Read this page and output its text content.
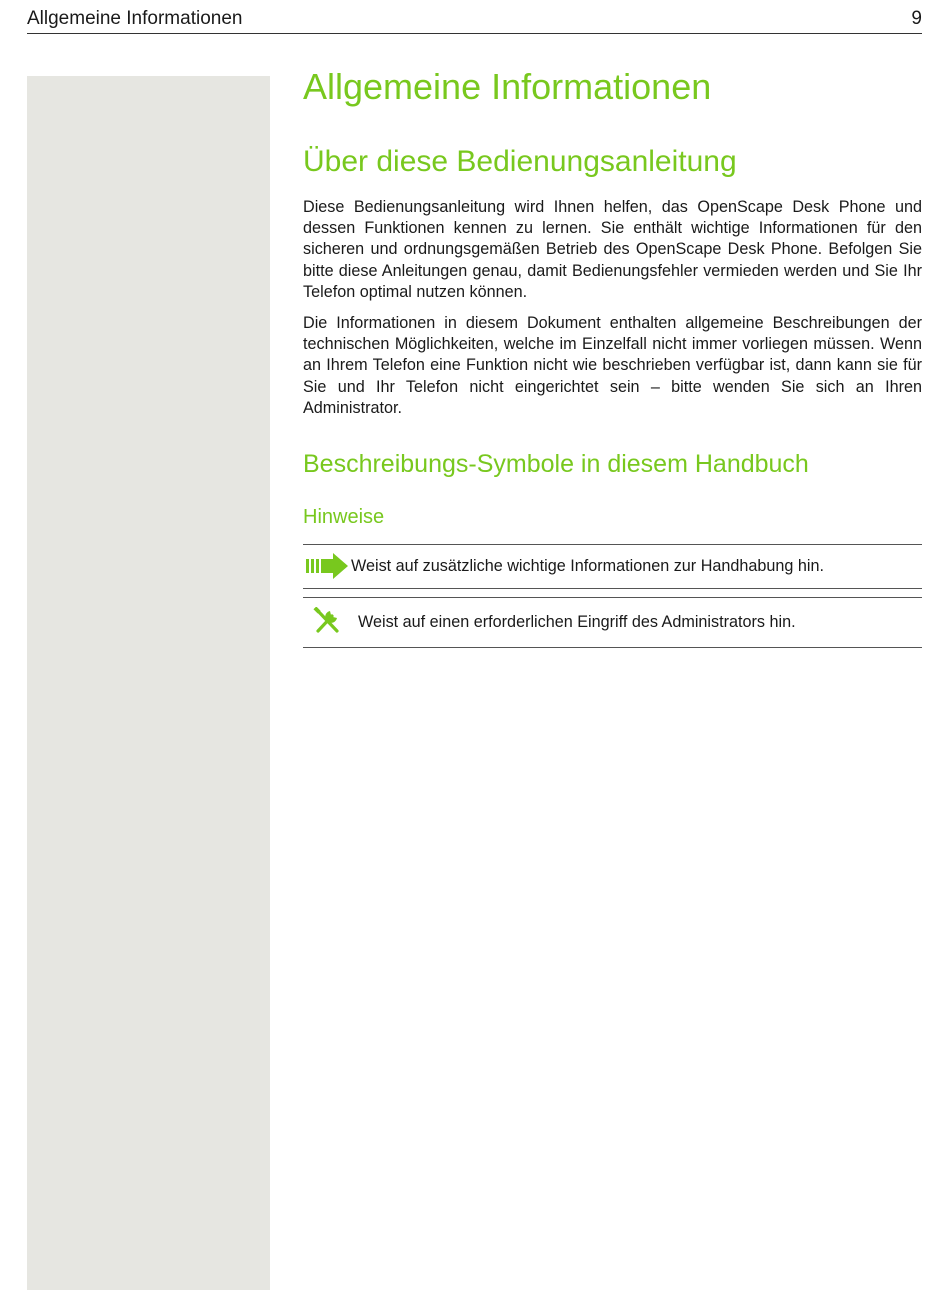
Allgemeine Informationen	9
Allgemeine Informationen
Über diese Bedienungsanleitung

Diese Bedienungsanleitung wird Ihnen helfen, das OpenScape Desk Phone und dessen Funktionen kennen zu lernen. Sie enthält wichtige Informationen für den sicheren und ordnungsgemäßen Betrieb des OpenScape Desk Phone. Befolgen Sie bitte diese Anleitungen genau, damit Bedienungsfehler vermieden werden und Sie Ihr Telefon optimal nutzen können.

Die Informationen in diesem Dokument enthalten allgemeine Beschreibungen der technischen Möglichkeiten, welche im Einzelfall nicht immer vorliegen müssen. Wenn an Ihrem Telefon eine Funktion nicht wie beschrieben verfügbar ist, dann kann sie für Sie und Ihr Telefon nicht eingerichtet sein – bitte wenden Sie sich an Ihren Administrator.

Beschreibungs-Symbole in diesem Handbuch
Hinweise
Weist auf zusätzliche wichtige Informationen zur Handhabung hin.
Weist auf einen erforderlichen Eingriff des Administrators hin.
